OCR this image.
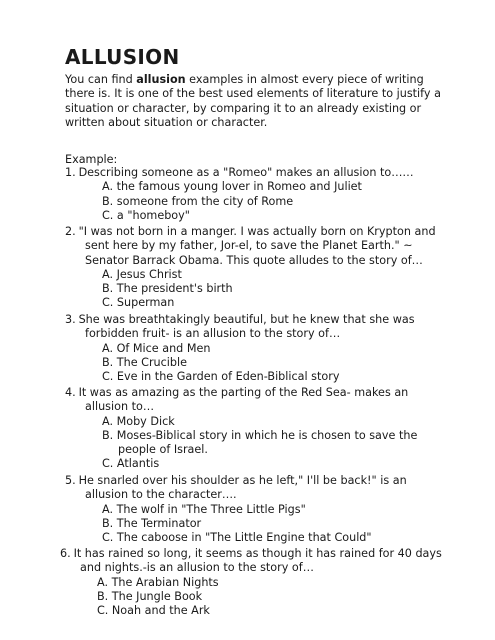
ALLUSION
You can find allusion examples in almost every piece of writing
there is. It is one of the best used elements of literature to justify a
situation or character, by comparing it to an already existing or
written about situation or character.
Example:
1. Describing someone as a "Romeo" makes an allusion to……
A. the famous young lover in Romeo and Juliet
B. someone from the city of Rome
C. a "homeboy"
2. "I was not born in a manger. I was actually born on Krypton and
sent here by my father, Jor-el, to save the Planet Earth." ~
Senator Barrack Obama. This quote alludes to the story of…
A. Jesus Christ
B. The president's birth
C. Superman
3. She was breathtakingly beautiful, but he knew that she was
forbidden fruit- is an allusion to the story of…
A. Of Mice and Men
B. The Crucible
C. Eve in the Garden of Eden-Biblical story
4. It was as amazing as the parting of the Red Sea- makes an
allusion to…
A. Moby Dick
B. Moses-Biblical story in which he is chosen to save the
people of Israel.
C. Atlantis
5. He snarled over his shoulder as he left," I'll be back!" is an
allusion to the character….
A. The wolf in "The Three Little Pigs"
B. The Terminator
C. The caboose in "The Little Engine that Could"
6. It has rained so long, it seems as though it has rained for 40 days
and nights.-is an allusion to the story of…
A. The Arabian Nights
B. The Jungle Book
C. Noah and the Ark
